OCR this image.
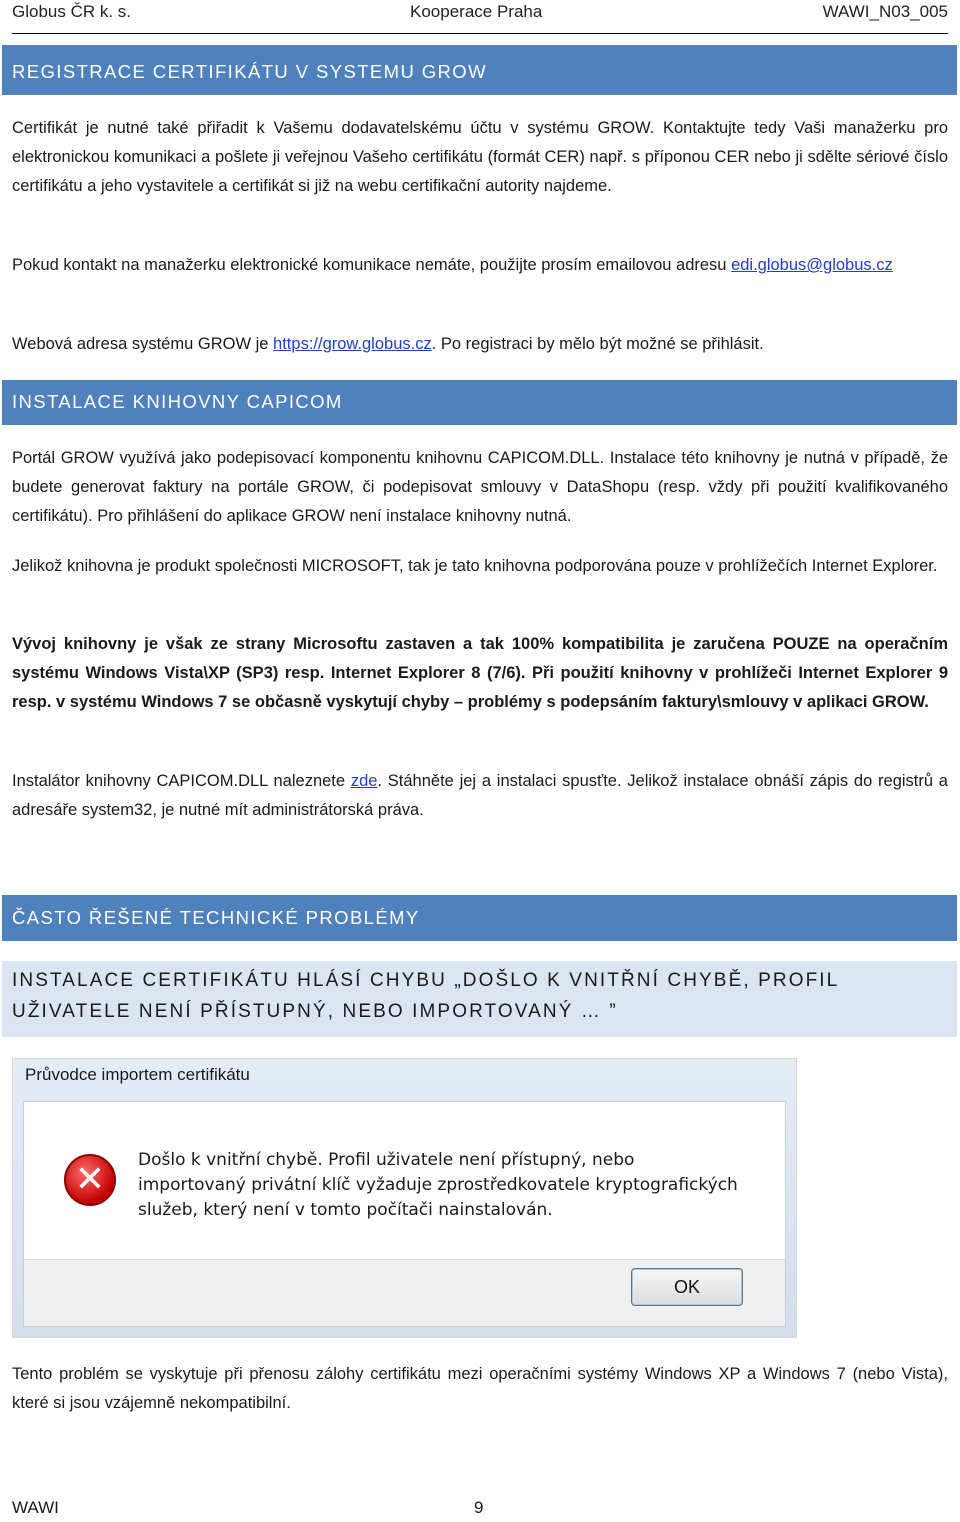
Globus ČR k. s.	Kooperace Praha	WAWI_N03_005
REGISTRACE CERTIFIKÁTU V SYSTEMU GROW

Certifikát je nutné také přiřadit k Vašemu dodavatelskému účtu v systému GROW. Kontaktujte tedy Vaši manažerku pro elektronickou komunikaci a pošlete ji veřejnou Vašeho certifikátu (formát CER) např. s příponou CER nebo ji sdělte sériové číslo certifikátu a jeho vystavitele a certifikát si již na webu certifikační autority najdeme.

Pokud kontakt na manažerku elektronické komunikace nemáte, použijte prosím emailovou adresu edi.globus@globus.cz

Webová adresa systému GROW je https://grow.globus.cz. Po registraci by mělo být možné se přihlásit.

INSTALACE KNIHOVNY CAPICOM

Portál GROW využívá jako podepisovací komponentu knihovnu CAPICOM.DLL. Instalace této knihovny je nutná v případě, že budete generovat faktury na portále GROW, či podepisovat smlouvy v DataShopu (resp. vždy při použití kvalifikovaného certifikátu). Pro přihlášení do aplikace GROW není instalace knihovny nutná.

Jelikož knihovna je produkt společnosti MICROSOFT, tak je tato knihovna podporována pouze v prohlížečích Internet Explorer.

Vývoj knihovny je však ze strany Microsoftu zastaven a tak 100% kompatibilita je zaručena POUZE na operačním systému Windows Vista\XP (SP3) resp. Internet Explorer 8 (7/6). Při použití knihovny v prohlížeči Internet Explorer 9 resp. v systému Windows 7 se občasně vyskytují chyby – problémy s podepsáním faktury\smlouvy v aplikaci GROW.

Instalátor knihovny CAPICOM.DLL naleznete zde. Stáhněte jej a instalaci spusťte. Jelikož instalace obnáší zápis do registrů a adresáře system32, je nutné mít administrátorská práva.

ČASTO ŘEŠENÉ TECHNICKÉ PROBLÉMY
INSTALACE CERTIFIKÁTU HLÁSÍ CHYBU „DOŠLO K VNITŘNÍ CHYBĚ, PROFIL UŽIVATELE NENÍ PŘÍSTUPNÝ, NEBO IMPORTOVANÝ … ”
Průvodce importem certifikátu
✕	Došlo k vnitřní chybě. Profil uživatele není přístupný, nebo importovaný privátní klíč vyžaduje zprostředkovatele kryptografických služeb, který není v tomto počítači nainstalován.
OK

Tento problém se vyskytuje při přenosu zálohy certifikátu mezi operačními systémy Windows XP a Windows 7 (nebo Vista), které si jsou vzájemně nekompatibilní.

WAWI	9
